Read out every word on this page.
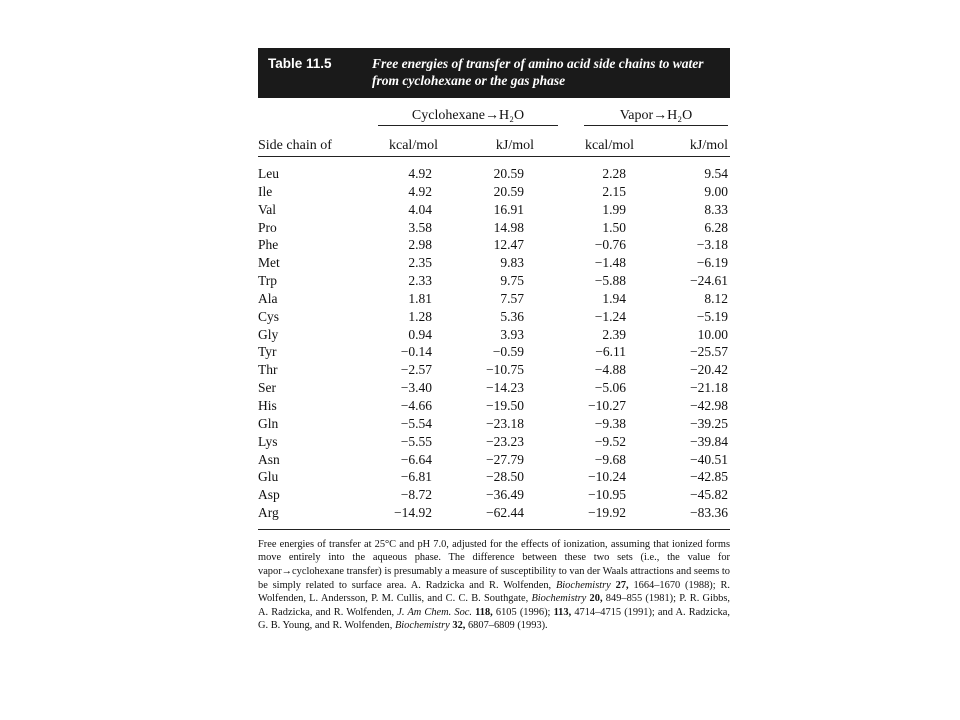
Table 11.5	Free energies of transfer of amino acid side chains to water from cyclohexane or the gas phase
Cyclohexane→H₂O	Vapor→H₂O
Side chain of	kcal/mol	kJ/mol	kcal/mol	kJ/mol
Leu	4.92	20.59	2.28	9.54
Ile	4.92	20.59	2.15	9.00
Val	4.04	16.91	1.99	8.33
Pro	3.58	14.98	1.50	6.28
Phe	2.98	12.47	−0.76	−3.18
Met	2.35	9.83	−1.48	−6.19
Trp	2.33	9.75	−5.88	−24.61
Ala	1.81	7.57	1.94	8.12
Cys	1.28	5.36	−1.24	−5.19
Gly	0.94	3.93	2.39	10.00
Tyr	−0.14	−0.59	−6.11	−25.57
Thr	−2.57	−10.75	−4.88	−20.42
Ser	−3.40	−14.23	−5.06	−21.18
His	−4.66	−19.50	−10.27	−42.98
Gln	−5.54	−23.18	−9.38	−39.25
Lys	−5.55	−23.23	−9.52	−39.84
Asn	−6.64	−27.79	−9.68	−40.51
Glu	−6.81	−28.50	−10.24	−42.85
Asp	−8.72	−36.49	−10.95	−45.82
Arg	−14.92	−62.44	−19.92	−83.36
Free energies of transfer at 25°C and pH 7.0, adjusted for the effects of ionization, assuming that ionized forms move entirely into the aqueous phase. The difference between these two sets (i.e., the value for vapor→cyclohexane transfer) is presumably a measure of susceptibility to van der Waals attractions and seems to be simply related to surface area. A. Radzicka and R. Wolfenden, Biochemistry 27, 1664–1670 (1988); R. Wolfenden, L. Andersson, P. M. Cullis, and C. C. B. Southgate, Biochemistry 20, 849–855 (1981); P. R. Gibbs, A. Radzicka, and R. Wolfenden, J. Am Chem. Soc. 118, 6105 (1996); 113, 4714–4715 (1991); and A. Radzicka, G. B. Young, and R. Wolfenden, Biochemistry 32, 6807–6809 (1993).
